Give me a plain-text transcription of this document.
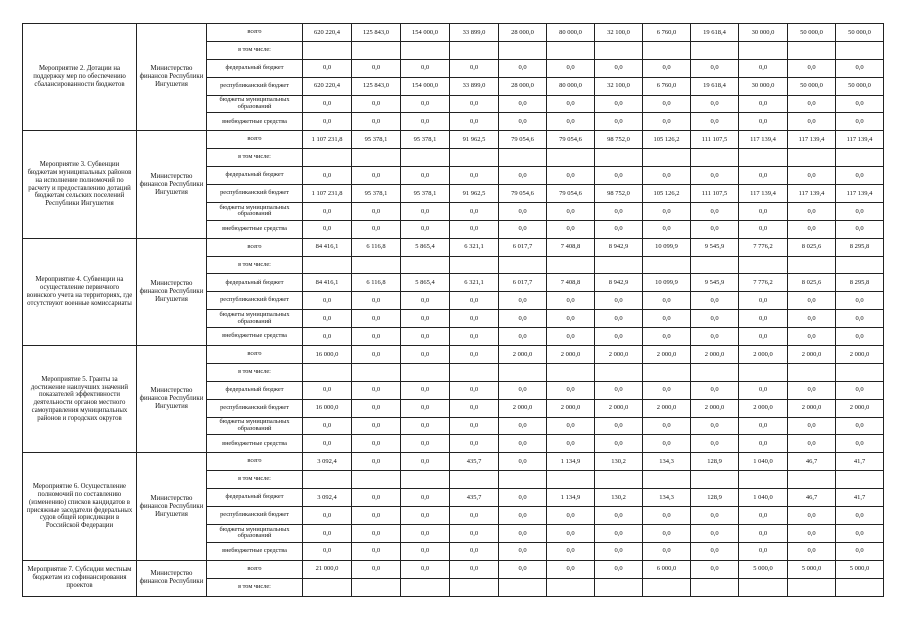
Мероприятие 2. Дотации на поддержку мер по обеспечению сбалансированности бюджетов	Министерство финансов Республики Ингушетия	всего	620 220,4	125 843,0	154 000,0	33 899,0	28 000,0	80 000,0	32 100,0	6 760,0	19 618,4	30 000,0	50 000,0	50 000,0
		в том числе:												
		федеральный бюджет	0,0	0,0	0,0	0,0	0,0	0,0	0,0	0,0	0,0	0,0	0,0	0,0
		республиканский бюджет	620 220,4	125 843,0	154 000,0	33 899,0	28 000,0	80 000,0	32 100,0	6 760,0	19 618,4	30 000,0	50 000,0	50 000,0
		бюджеты муниципальных образований	0,0	0,0	0,0	0,0	0,0	0,0	0,0	0,0	0,0	0,0	0,0	0,0
		внебюджетные средства	0,0	0,0	0,0	0,0	0,0	0,0	0,0	0,0	0,0	0,0	0,0	0,0
Мероприятие 3. Субвенции бюджетам муниципальных районов на исполнение полномочий по расчету и предоставлению дотаций бюджетам сельских поселений Республики Ингушетия	Министерство финансов Республики Ингушетия	всего	1 107 231,8	95 378,1	95 378,1	91 962,5	79 054,6	79 054,6	98 752,0	105 126,2	111 107,5	117 139,4	117 139,4	117 139,4
		в том числе:												
		федеральный бюджет	0,0	0,0	0,0	0,0	0,0	0,0	0,0	0,0	0,0	0,0	0,0	0,0
		республиканский бюджет	1 107 231,8	95 378,1	95 378,1	91 962,5	79 054,6	79 054,6	98 752,0	105 126,2	111 107,5	117 139,4	117 139,4	117 139,4
		бюджеты муниципальных образований	0,0	0,0	0,0	0,0	0,0	0,0	0,0	0,0	0,0	0,0	0,0	0,0
		внебюджетные средства	0,0	0,0	0,0	0,0	0,0	0,0	0,0	0,0	0,0	0,0	0,0	0,0
Мероприятие 4. Субвенции на осуществление первичного воинского учета на территориях, где отсутствуют военные комиссариаты	Министерство финансов Республики Ингушетия	всего	84 416,1	6 116,8	5 865,4	6 321,1	6 017,7	7 408,8	8 942,9	10 099,9	9 545,9	7 776,2	8 025,6	8 295,8
		в том числе:												
		федеральный бюджет	84 416,1	6 116,8	5 865,4	6 321,1	6 017,7	7 408,8	8 942,9	10 099,9	9 545,9	7 776,2	8 025,6	8 295,8
		республиканский бюджет	0,0	0,0	0,0	0,0	0,0	0,0	0,0	0,0	0,0	0,0	0,0	0,0
		бюджеты муниципальных образований	0,0	0,0	0,0	0,0	0,0	0,0	0,0	0,0	0,0	0,0	0,0	0,0
		внебюджетные средства	0,0	0,0	0,0	0,0	0,0	0,0	0,0	0,0	0,0	0,0	0,0	0,0
Мероприятие 5. Гранты за достижение наилучших значений показателей эффективности деятельности органов местного самоуправления муниципальных районов и городских округов	Министерство финансов Республики Ингушетия	всего	16 000,0	0,0	0,0	0,0	2 000,0	2 000,0	2 000,0	2 000,0	2 000,0	2 000,0	2 000,0	2 000,0
		в том числе:												
		федеральный бюджет	0,0	0,0	0,0	0,0	0,0	0,0	0,0	0,0	0,0	0,0	0,0	0,0
		республиканский бюджет	16 000,0	0,0	0,0	0,0	2 000,0	2 000,0	2 000,0	2 000,0	2 000,0	2 000,0	2 000,0	2 000,0
		бюджеты муниципальных образований	0,0	0,0	0,0	0,0	0,0	0,0	0,0	0,0	0,0	0,0	0,0	0,0
		внебюджетные средства	0,0	0,0	0,0	0,0	0,0	0,0	0,0	0,0	0,0	0,0	0,0	0,0
Мероприятие 6. Осуществление полномочий по составлению (изменению) списков кандидатов в присяжные заседатели федеральных судов общей юрисдикции в Российской Федерации	Министерство финансов Республики Ингушетия	всего	3 092,4	0,0	0,0	435,7	0,0	1 134,9	130,2	134,3	128,9	1 040,0	46,7	41,7
		в том числе:												
		федеральный бюджет	3 092,4	0,0	0,0	435,7	0,0	1 134,9	130,2	134,3	128,9	1 040,0	46,7	41,7
		республиканский бюджет	0,0	0,0	0,0	0,0	0,0	0,0	0,0	0,0	0,0	0,0	0,0	0,0
		бюджеты муниципальных образований	0,0	0,0	0,0	0,0	0,0	0,0	0,0	0,0	0,0	0,0	0,0	0,0
		внебюджетные средства	0,0	0,0	0,0	0,0	0,0	0,0	0,0	0,0	0,0	0,0	0,0	0,0
Мероприятие 7. Субсидии местным бюджетам из софинансирования проектов	Министерство финансов Республики	всего	21 000,0	0,0	0,0	0,0	0,0	0,0	0,0	6 000,0	0,0	5 000,0	5 000,0	5 000,0
		в том числе:												
